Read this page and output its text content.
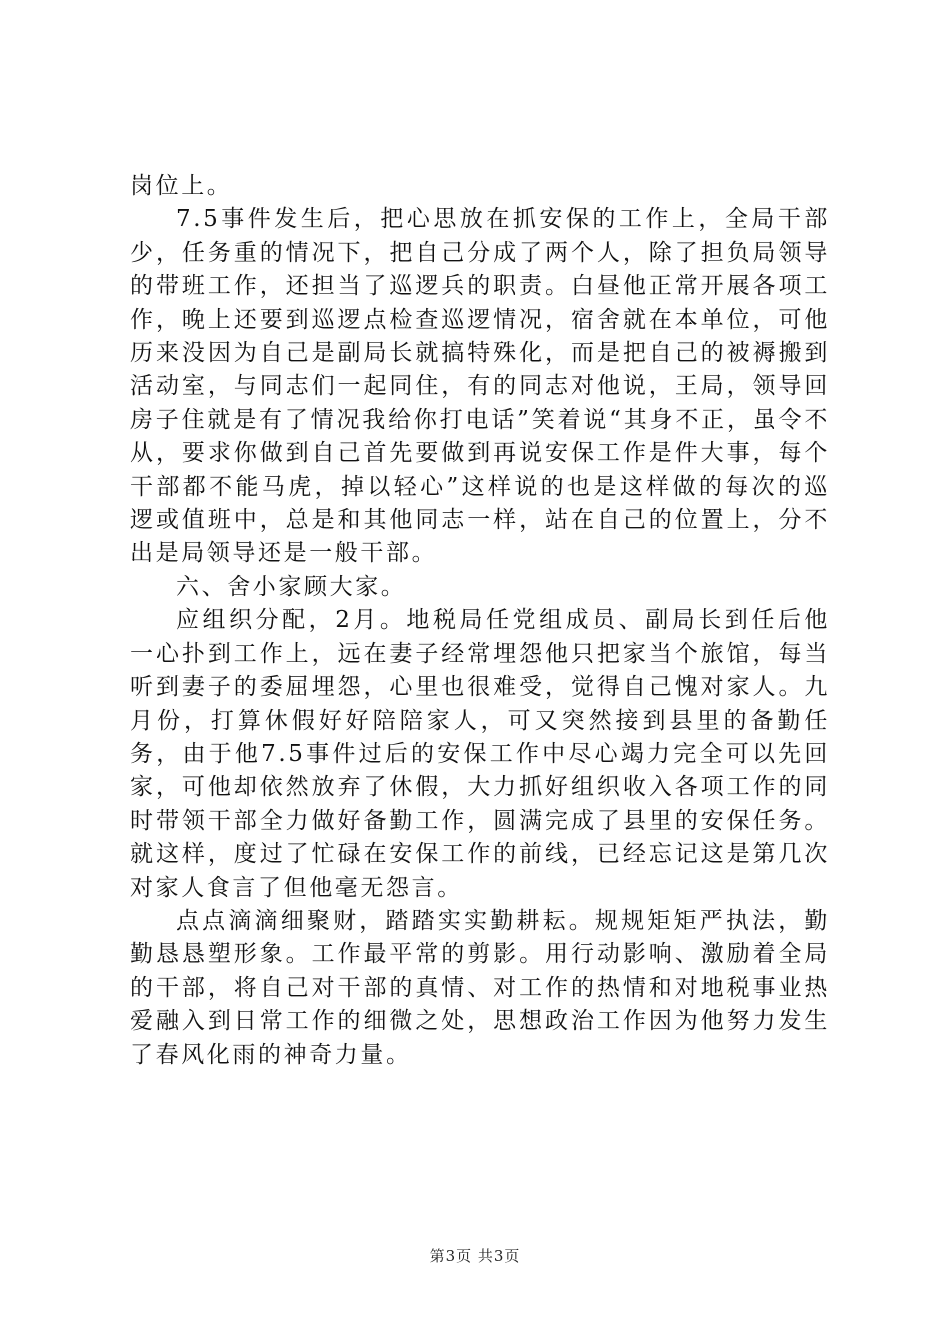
岗位上。

7.5事件发生后，把心思放在抓安保的工作上，全局干部少，任务重的情况下，把自己分成了两个人，除了担负局领导的带班工作，还担当了巡逻兵的职责。白昼他正常开展各项工作，晚上还要到巡逻点检查巡逻情况，宿舍就在本单位，可他历来没因为自己是副局长就搞特殊化，而是把自己的被褥搬到活动室，与同志们一起同住，有的同志对他说，王局，领导回房子住就是有了情况我给你打电话”笑着说“其身不正，虽令不从，要求你做到自己首先要做到再说安保工作是件大事，每个干部都不能马虎，掉以轻心”这样说的也是这样做的每次的巡逻或值班中，总是和其他同志一样，站在自己的位置上，分不出是局领导还是一般干部。

六、舍小家顾大家。

应组织分配，2月。地税局任党组成员、副局长到任后他一心扑到工作上，远在妻子经常埋怨他只把家当个旅馆，每当听到妻子的委屈埋怨，心里也很难受，觉得自己愧对家人。九月份，打算休假好好陪陪家人，可又突然接到县里的备勤任务，由于他7.5事件过后的安保工作中尽心竭力完全可以先回家，可他却依然放弃了休假，大力抓好组织收入各项工作的同时带领干部全力做好备勤工作，圆满完成了县里的安保任务。就这样，度过了忙碌在安保工作的前线，已经忘记这是第几次对家人食言了但他毫无怨言。

点点滴滴细聚财，踏踏实实勤耕耘。规规矩矩严执法，勤勤恳恳塑形象。工作最平常的剪影。用行动影响、激励着全局的干部，将自己对干部的真情、对工作的热情和对地税事业热爱融入到日常工作的细微之处，思想政治工作因为他努力发生了春风化雨的神奇力量。

第3页 共3页
